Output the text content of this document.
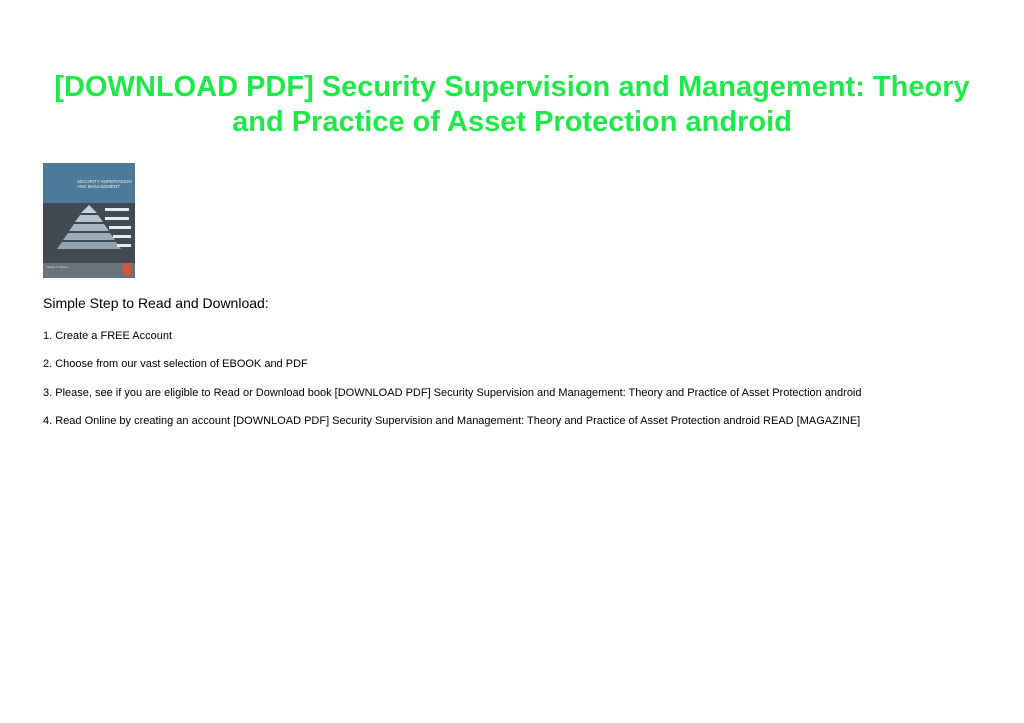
[DOWNLOAD PDF] Security Supervision and Management: Theory and Practice of Asset Protection android
SECURITY SUPERVISION
AND MANAGEMENT
Sandi J. Davies
Simple Step to Read and Download:
1. Create a FREE Account
2. Choose from our vast selection of EBOOK and PDF
3. Please, see if you are eligible to Read or Download book [DOWNLOAD PDF] Security Supervision and Management: Theory and Practice of Asset Protection android
4. Read Online by creating an account [DOWNLOAD PDF] Security Supervision and Management: Theory and Practice of Asset Protection android READ [MAGAZINE]
